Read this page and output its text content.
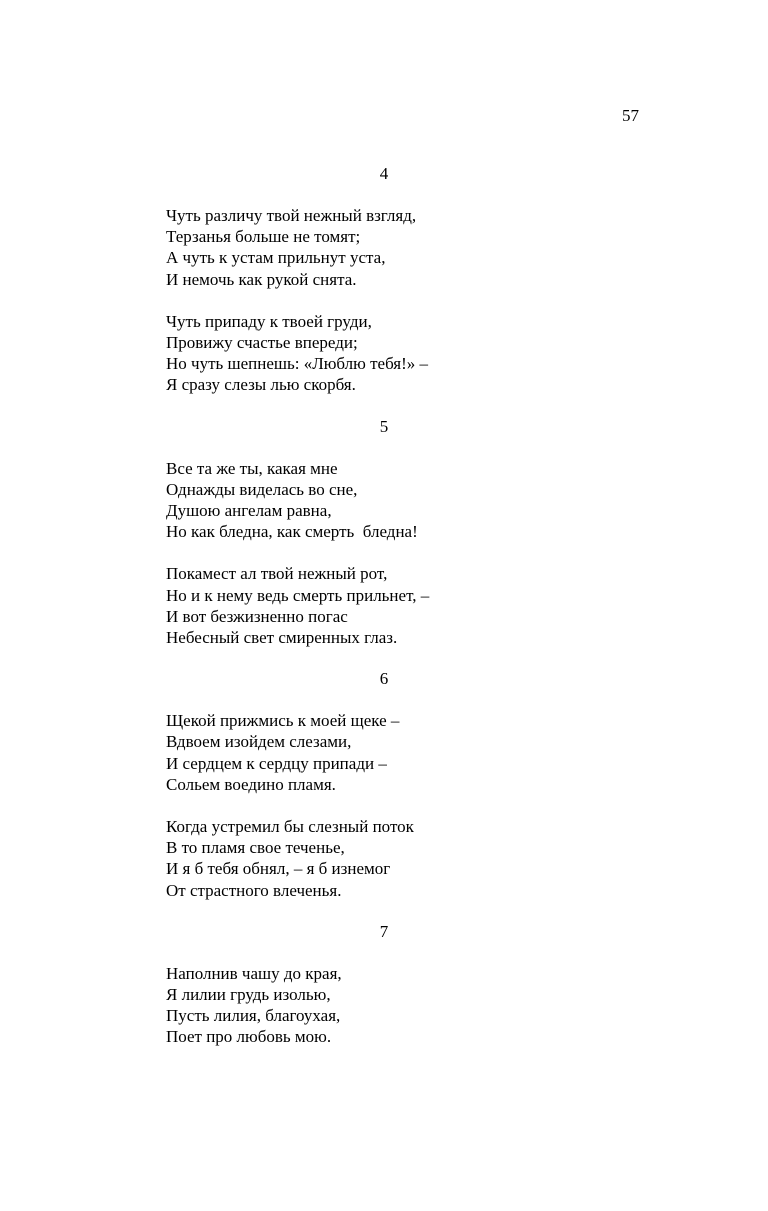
57
4
Чуть различу твой нежный взгляд,
Терзанья больше не томят;
А чуть к устам прильнут уста,
И немочь как рукой снята.
Чуть припаду к твоей груди,
Провижу счастье впереди;
Но чуть шепнешь: «Люблю тебя!» –
Я сразу слезы лью скорбя.
5
Все та же ты, какая мне
Однажды виделась во сне,
Душою ангелам равна,
Но как бледна, как смерть  бледна!
Покамест ал твой нежный рот,
Но и к нему ведь смерть прильнет, –
И вот безжизненно погас
Небесный свет смиренных глаз.
6
Щекой прижмись к моей щеке –
Вдвоем изойдем слезами,
И сердцем к сердцу припади –
Сольем воедино пламя.
Когда устремил бы слезный поток
В то пламя свое теченье,
И я б тебя обнял, – я б изнемог
От страстного влеченья.
7
Наполнив чашу до края,
Я лилии грудь изолью,
Пусть лилия, благоухая,
Поет про любовь мою.
